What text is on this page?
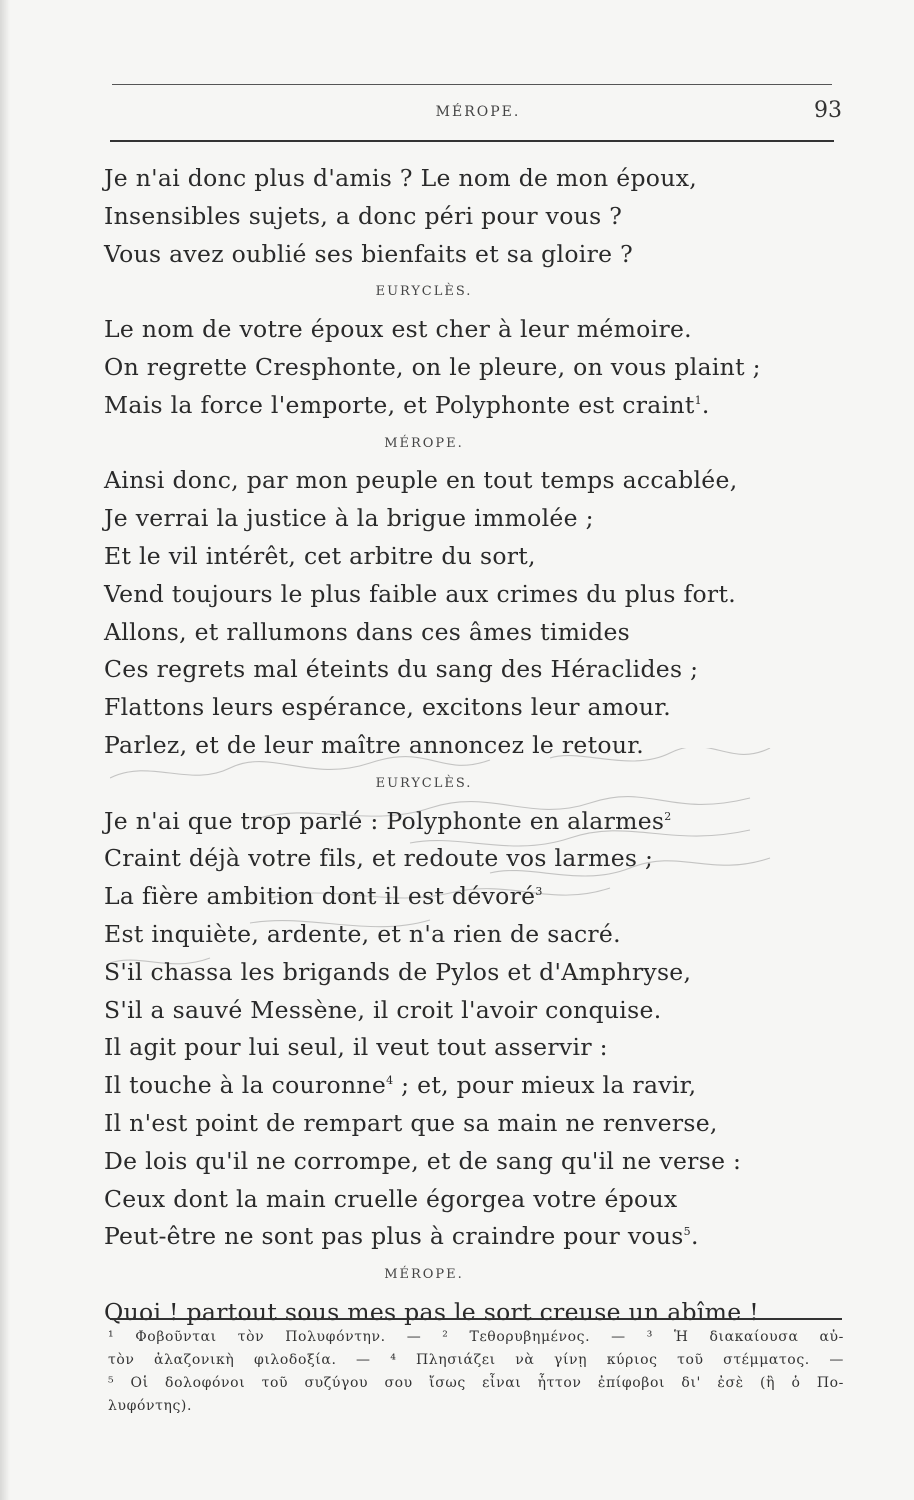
MÉROPE.	93
Je n'ai donc plus d'amis ? Le nom de mon époux,
Insensibles sujets, a donc péri pour vous ?
Vous avez oublié ses bienfaits et sa gloire ?
EURYCLÈS.
Le nom de votre époux est cher à leur mémoire.
On regrette Cresphonte, on le pleure, on vous plaint ;
Mais la force l'emporte, et Polyphonte est craint$^1$.
MÉROPE.
Ainsi donc, par mon peuple en tout temps accablée,
Je verrai la justice à la brigue immolée ;
Et le vil intérêt, cet arbitre du sort,
Vend toujours le plus faible aux crimes du plus fort.
Allons, et rallumons dans ces âmes timides
Ces regrets mal éteints du sang des Héraclides ;
Flattons leurs espérance, excitons leur amour.
Parlez, et de leur maître annoncez le retour.
EURYCLÈS.
Je n'ai que trop parlé : Polyphonte en alarmes$^2$
Craint déjà votre fils, et redoute vos larmes ;
La fière ambition dont il est dévoré$^3$
Est inquiète, ardente, et n'a rien de sacré.
S'il chassa les brigands de Pylos et d'Amphryse,
S'il a sauvé Messène, il croit l'avoir conquise.
Il agit pour lui seul, il veut tout asservir :
Il touche à la couronne$^4$ ; et, pour mieux la ravir,
Il n'est point de rempart que sa main ne renverse,
De lois qu'il ne corrompe, et de sang qu'il ne verse :
Ceux dont la main cruelle égorgea votre époux
Peut-être ne sont pas plus à craindre pour vous$^5$.
MÉROPE.
Quoi ! partout sous mes pas le sort creuse un abîme !
¹ Φοβοῦνται τὸν Πολυφόντην. — ² Τεθορυβημένος. — ³ Ἡ διακαίουσα αὐ-
τὸν ἀλαζονικὴ φιλοδοξία. — ⁴ Πλησιάζει νὰ γίνῃ κύριος τοῦ στέμματος. —
⁵ Οἱ δολοφόνοι τοῦ συζύγου σου ἴσως εἶναι ἧττον ἐπίφοβοι δι' ἐσὲ (ἢ ὁ Πο-
λυφόντης).
